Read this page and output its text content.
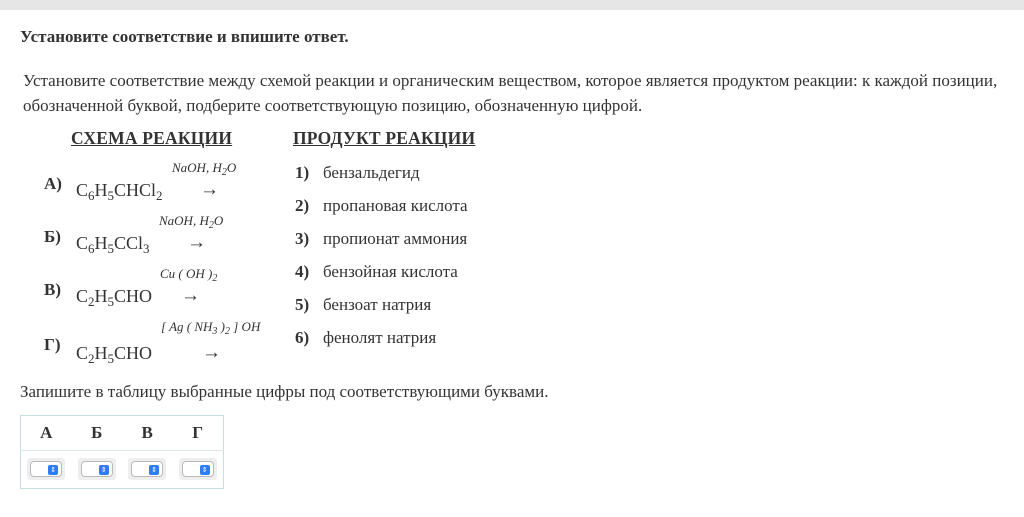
Установите соответствие и впишите ответ.
Установите соответствие между схемой реакции и органическим веществом, которое является продуктом реакции: к каждой позиции, обозначенной буквой, подберите соответствующую позицию, обозначенную цифрой.
СХЕМА РЕАКЦИИ	ПРОДУКТ РЕАКЦИИ
А)
NaOH, $H_2O$
$C_6H_5CHCl_2$ →
Б)
NaOH, $H_2O$
$C_6H_5CCl_3$ →
В)
Cu ( OH )$_2$
$C_2H_5CHO$ →
Г)
[ Ag ( $NH_3$ )$_2$ ] OH
$C_2H_5CHO$	→
1) бензальдегид
2) пропановая кислота
3) пропионат аммония
4) бензойная кислота
5) бензоат натрия
6) фенолят натрия
Запишите в таблицу выбранные цифры под соответствующими буквами.
А	Б	В	Г

⇕	⇕	⇕	⇕
